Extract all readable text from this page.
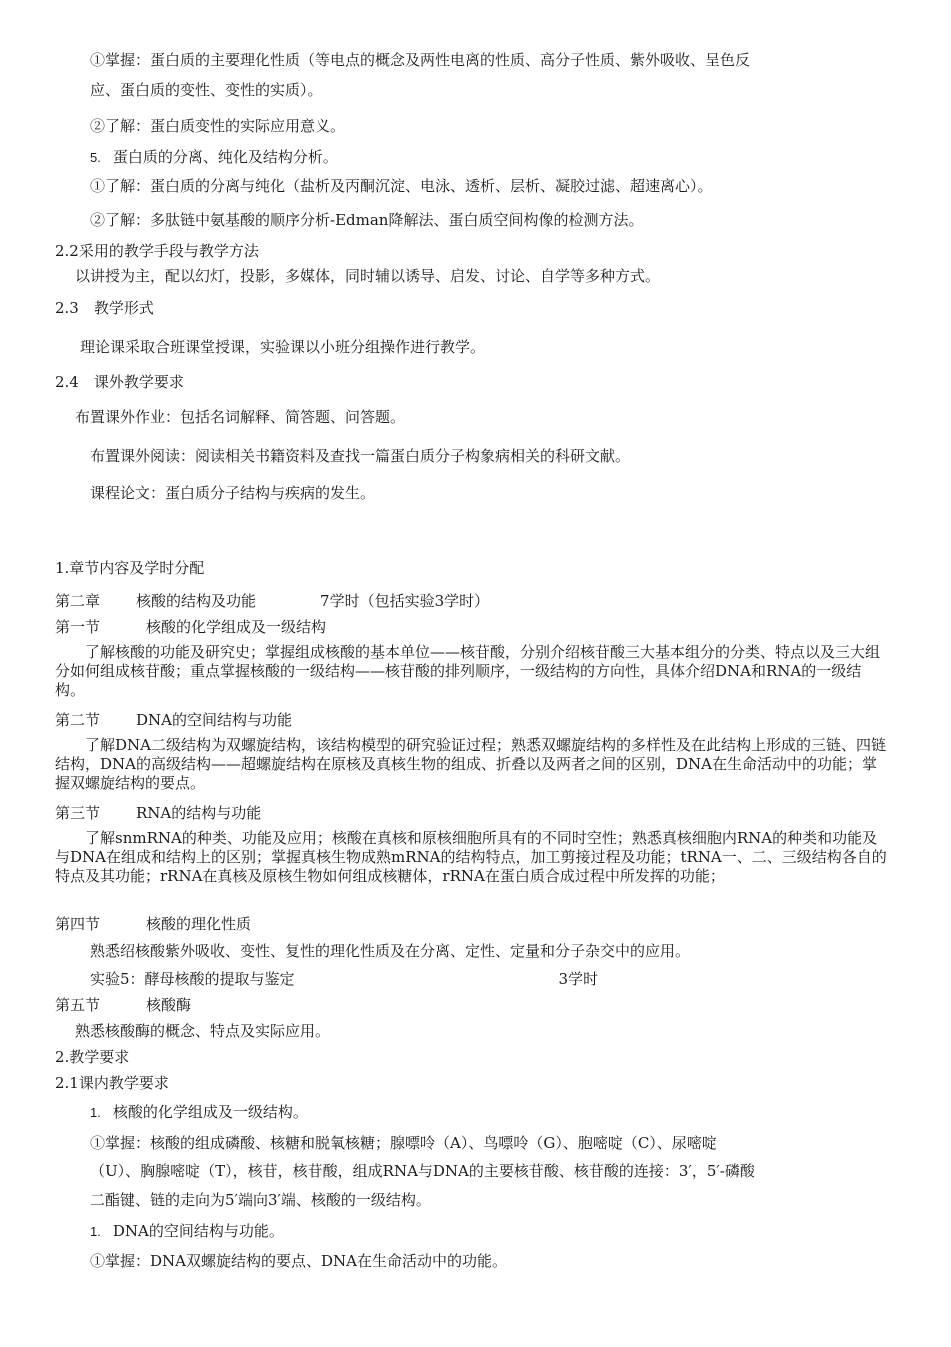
①掌握：蛋白质的主要理化性质（等电点的概念及两性电离的性质、高分子性质、紫外吸收、呈色反
应、蛋白质的变性、变性的实质）。
②了解：蛋白质变性的实际应用意义。
5. 蛋白质的分离、纯化及结构分析。
①了解：蛋白质的分离与纯化（盐析及丙酮沉淀、电泳、透析、层析、凝胶过滤、超速离心）。
②了解：多肽链中氨基酸的顺序分析-Edman降解法、蛋白质空间构像的检测方法。
2.2采用的教学手段与教学方法
以讲授为主，配以幻灯，投影，多媒体，同时辅以诱导、启发、讨论、自学等多种方式。
2.3　教学形式
理论课采取合班课堂授课，实验课以小班分组操作进行教学。
2.4　课外教学要求
布置课外作业：包括名词解释、简答题、问答题。
布置课外阅读：阅读相关书籍资料及查找一篇蛋白质分子构象病相关的科研文献。
课程论文：蛋白质分子结构与疾病的发生。
1.章节内容及学时分配
第二章 核酸的结构及功能	7学时（包括实验3学时）
第一节	核酸的化学组成及一级结构
　　了解核酸的功能及研究史；掌握组成核酸的基本单位——核苷酸，分别介绍核苷酸三大基本组分的分类、特点以及三大组分如何组成核苷酸；重点掌握核酸的一级结构——核苷酸的排列顺序，一级结构的方向性，具体介绍DNA和RNA的一级结构。
第二节 DNA的空间结构与功能
　　了解DNA二级结构为双螺旋结构，该结构模型的研究验证过程；熟悉双螺旋结构的多样性及在此结构上形成的三链、四链结构，DNA的高级结构——超螺旋结构在原核及真核生物的组成、折叠以及两者之间的区别，DNA在生命活动中的功能；掌握双螺旋结构的要点。
第三节 RNA的结构与功能
　　了解snmRNA的种类、功能及应用；核酸在真核和原核细胞所具有的不同时空性；熟悉真核细胞内RNA的种类和功能及与DNA在组成和结构上的区别；掌握真核生物成熟mRNA的结构特点，加工剪接过程及功能；tRNA一、二、三级结构各自的特点及其功能；rRNA在真核及原核生物如何组成核糖体，rRNA在蛋白质合成过程中所发挥的功能；
第四节	核酸的理化性质
熟悉绍核酸紫外吸收、变性、复性的理化性质及在分离、定性、定量和分子杂交中的应用。
实验5：酵母核酸的提取与鉴定	3学时
第五节	核酸酶
熟悉核酸酶的概念、特点及实际应用。
2.教学要求
2.1课内教学要求
1. 核酸的化学组成及一级结构。
①掌握：核酸的组成磷酸、核糖和脱氧核糖；腺嘌呤（A）、鸟嘌呤（G）、胞嘧啶（C）、尿嘧啶
（U）、胸腺嘧啶（T），核苷，核苷酸，组成RNA与DNA的主要核苷酸、核苷酸的连接：3′，5′-磷酸
二酯键、链的走向为5′端向3′端、核酸的一级结构。
1. DNA的空间结构与功能。
①掌握：DNA双螺旋结构的要点、DNA在生命活动中的功能。
